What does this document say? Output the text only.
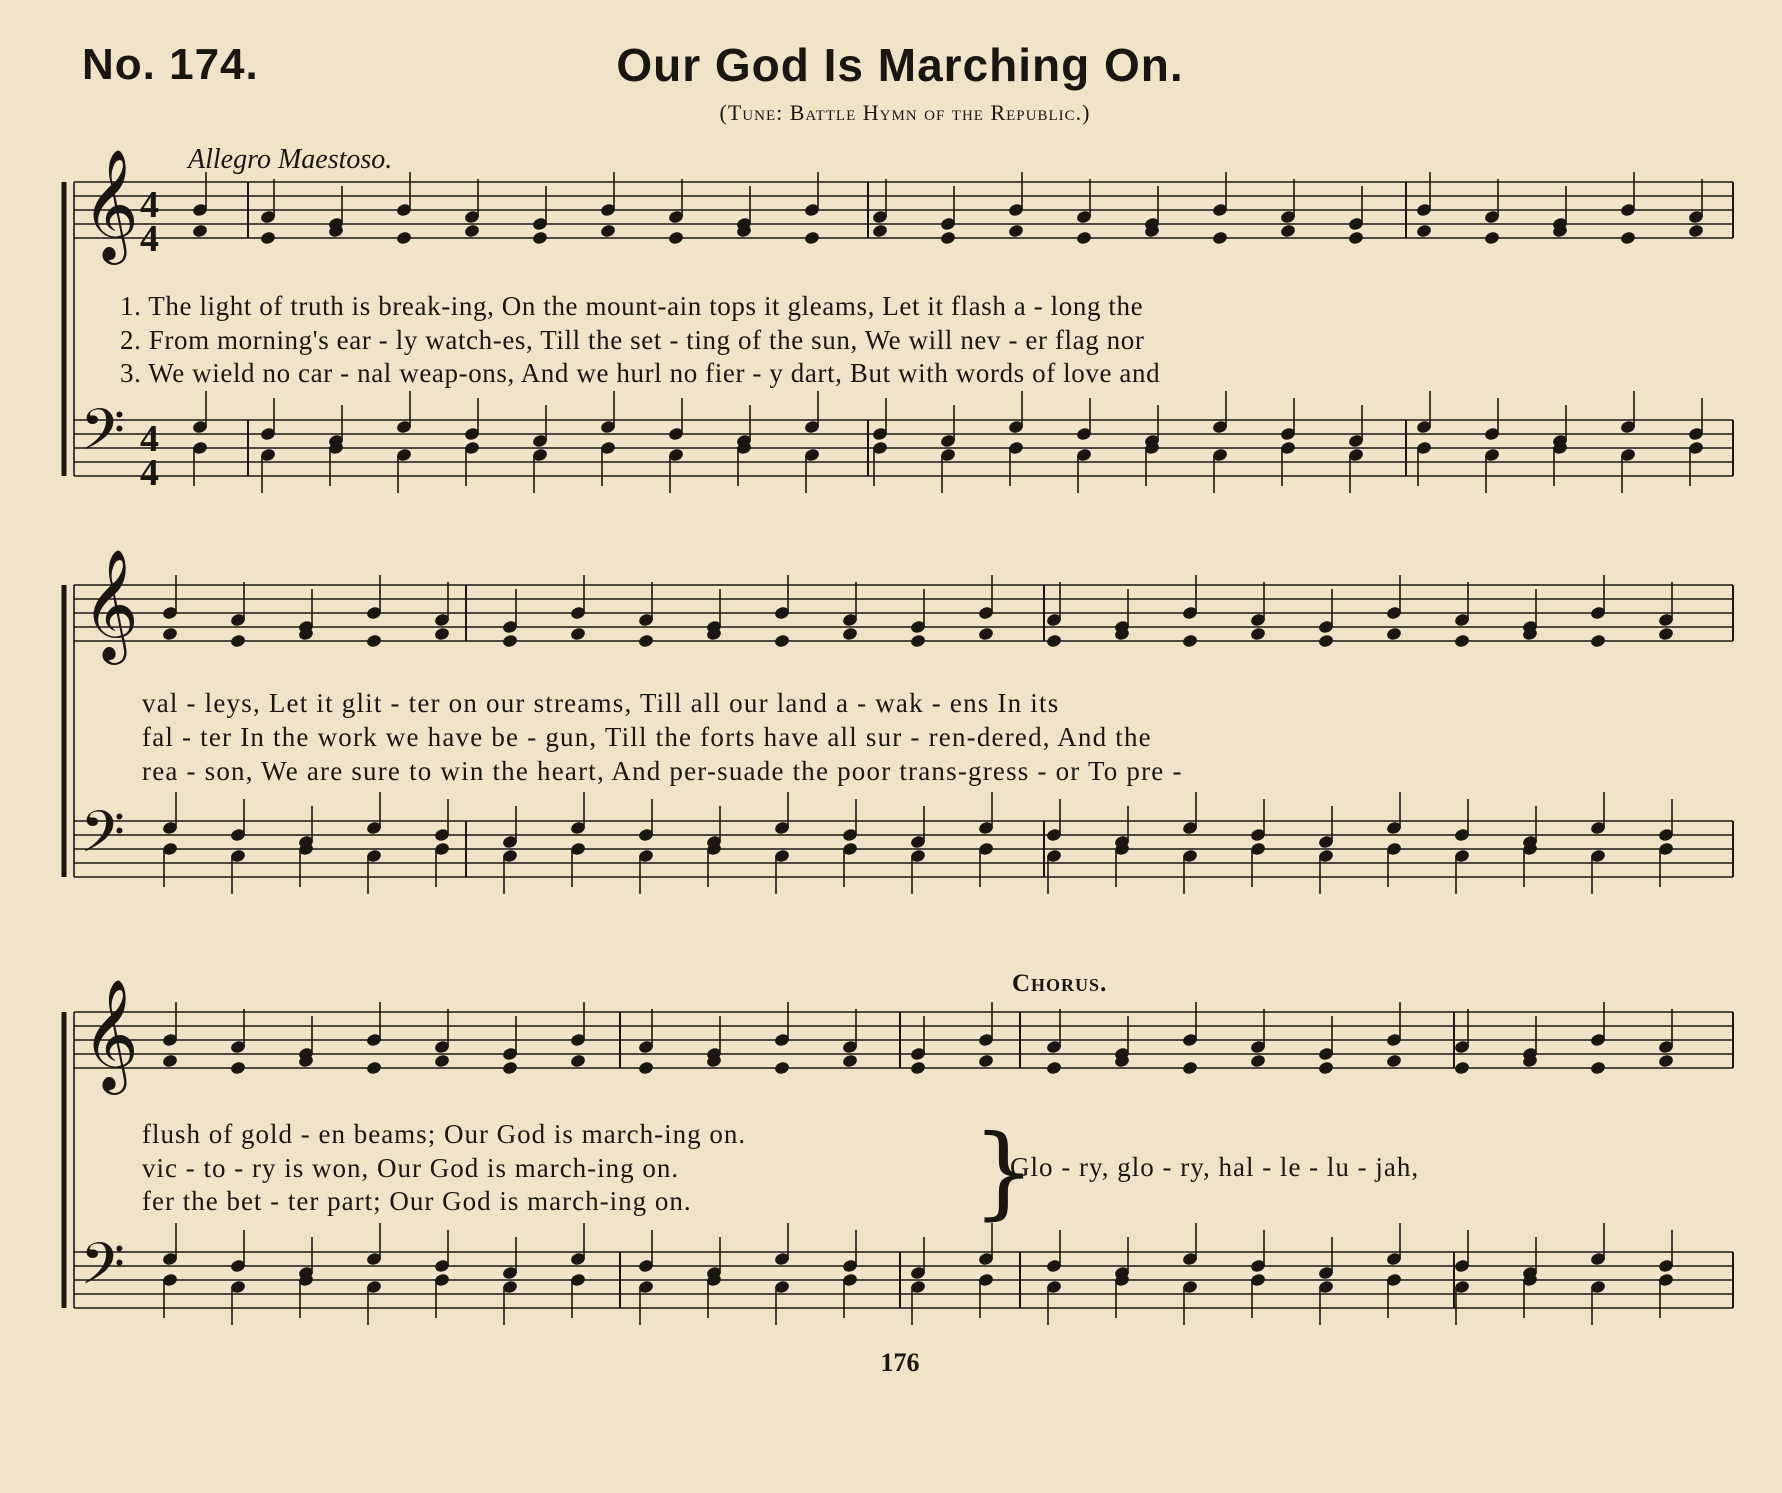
No. 174.	Our God Is Marching On.
(Tune: Battle Hymn of the Republic.)
Allegro Maestoso.
𝄞
𝄢
𝄞
𝄢
𝄞
𝄢
4
4
4
4
1. The light of truth is break-ing, On the mount-ain tops it gleams, Let it flash a - long the
2. From morning's ear - ly watch-es, Till the set - ting of the sun, We will nev - er flag nor
3. We wield no car - nal weap-ons, And we hurl no fier - y dart, But with words of love and
val - leys, Let it glit - ter on our streams, Till all our land a - wak - ens In its
fal - ter In the work we have be - gun, Till the forts have all sur - ren-dered, And the
rea - son, We are sure to win the heart, And per-suade the poor trans-gress - or To pre -
flush of gold - en beams; Our God is march-ing on.
vic - to - ry is won, Our God is march-ing on.
fer the bet - ter part; Our God is march-ing on.	}
Chorus.
Glo - ry, glo - ry, hal - le - lu - jah,
176
